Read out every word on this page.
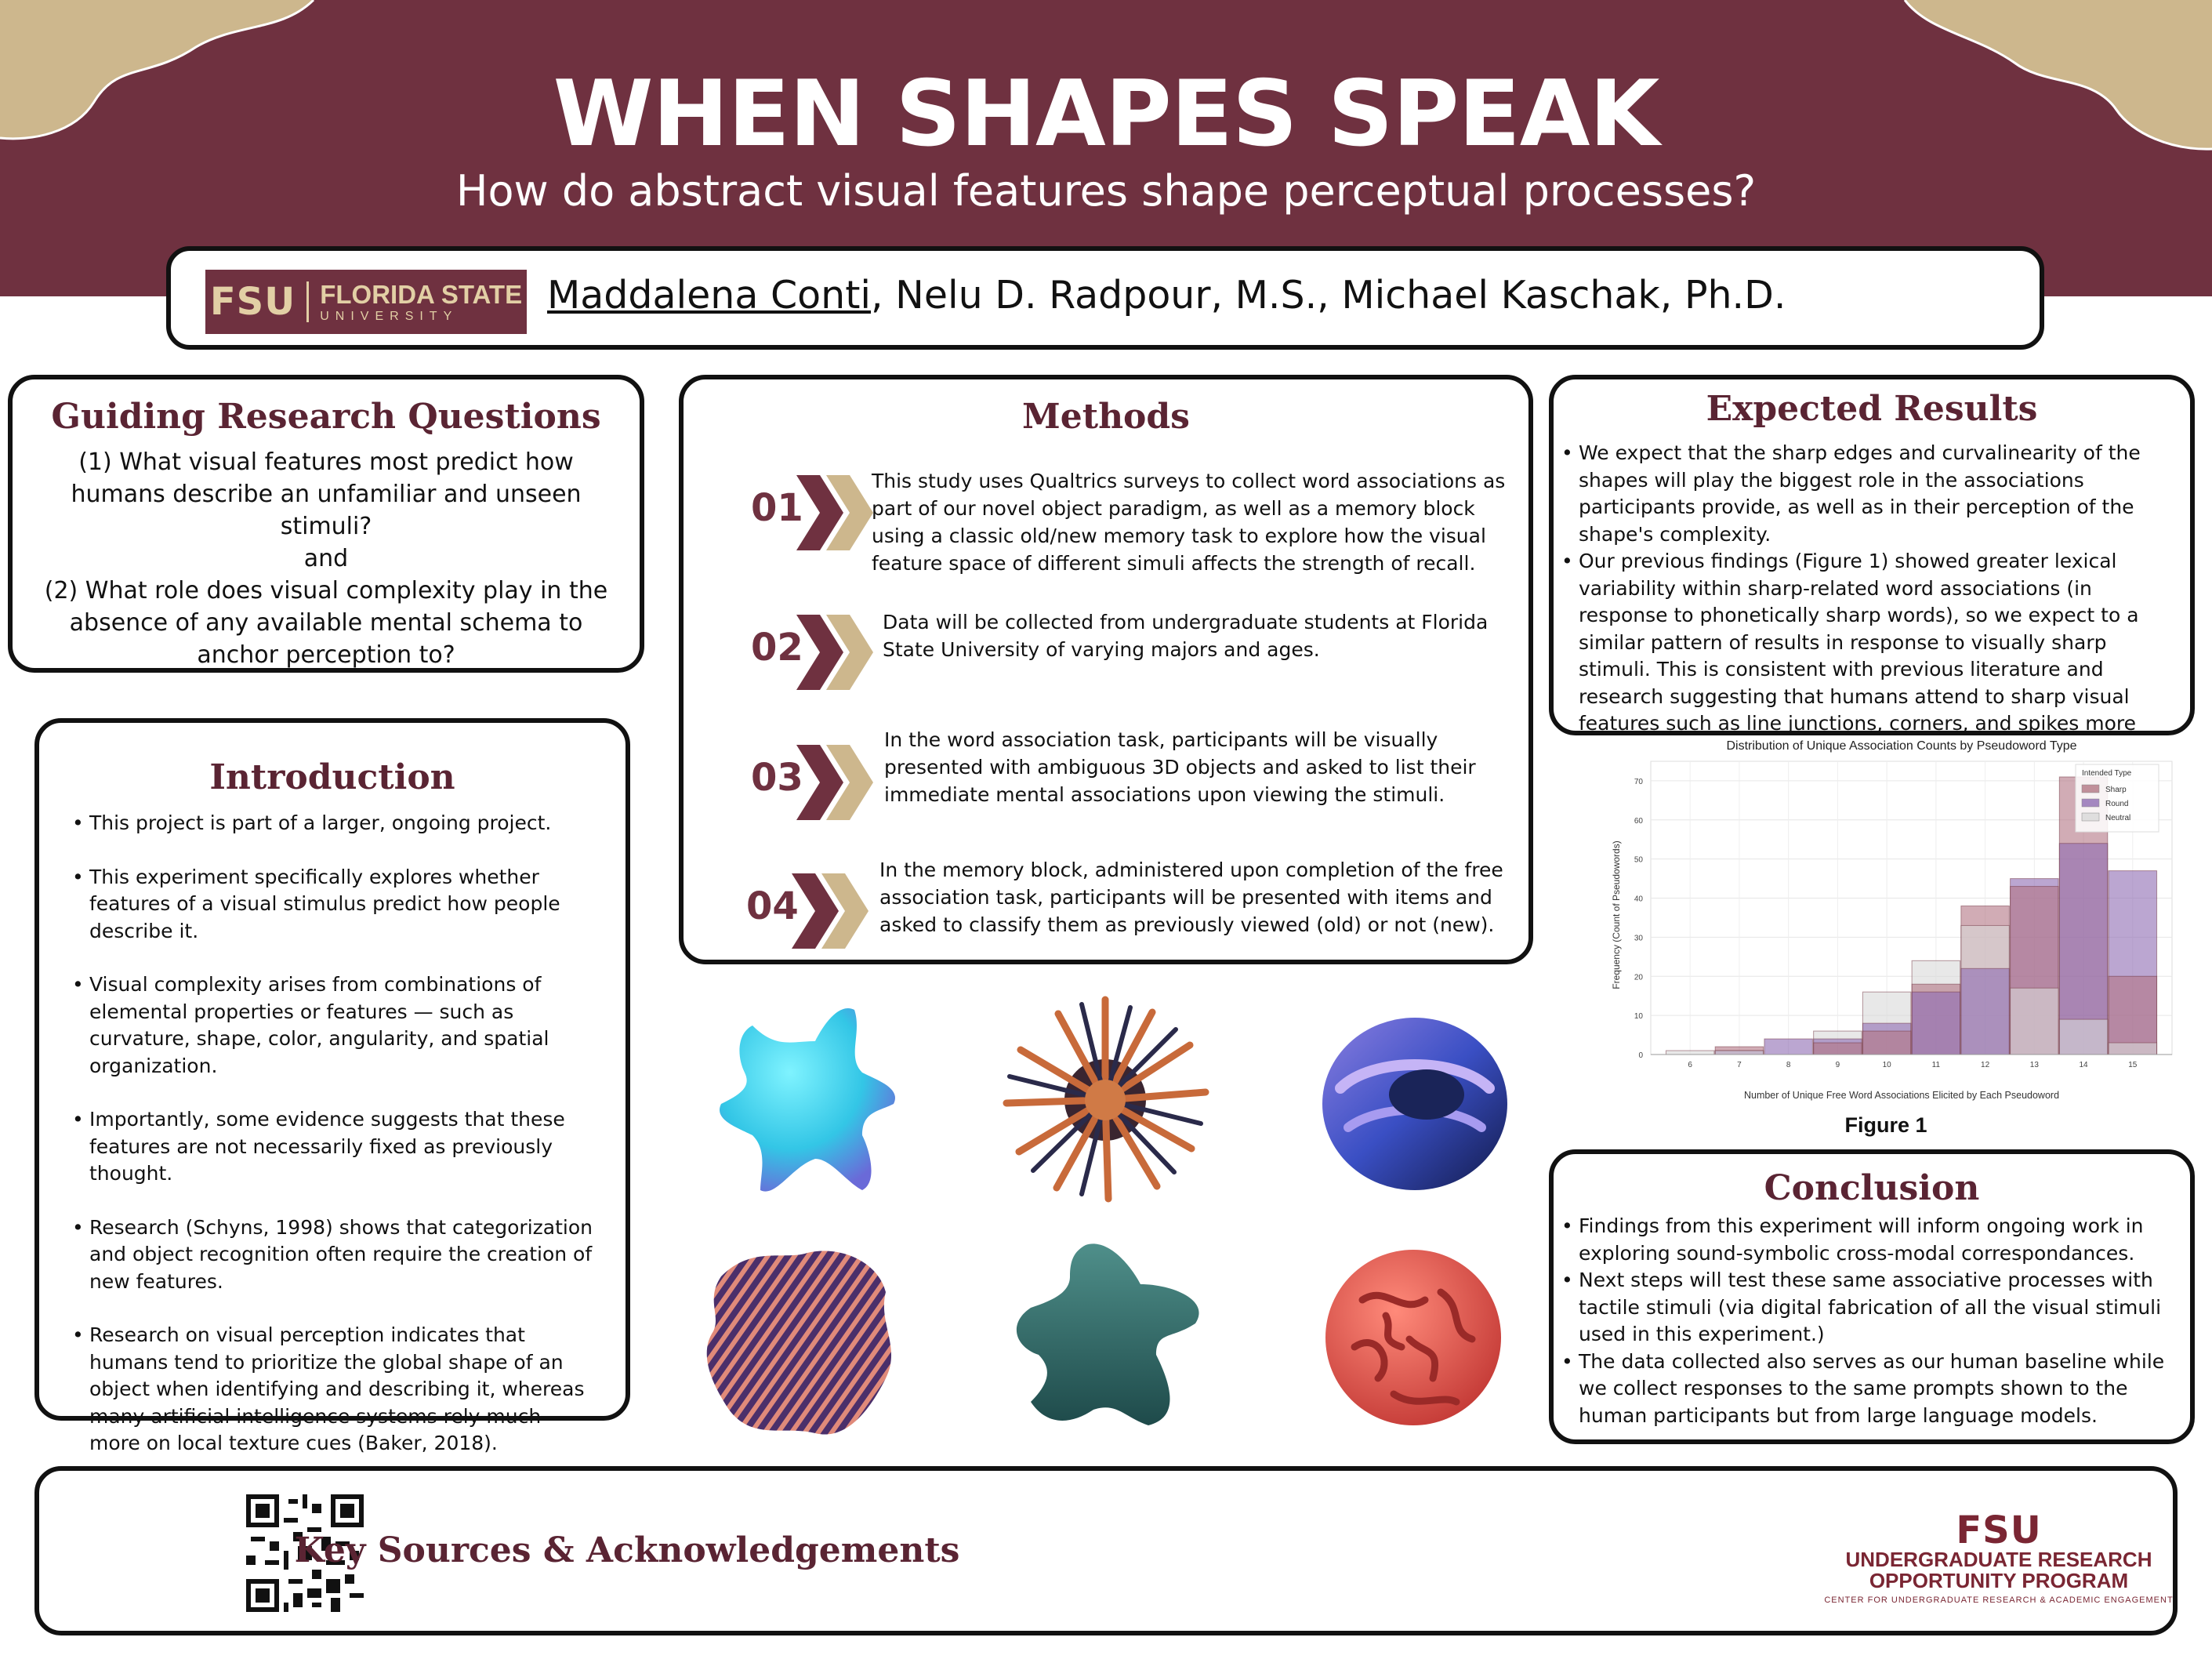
WHEN SHAPES SPEAK
How do abstract visual features shape perceptual processes?
FSU FLORIDA STATE
UNIVERSITY	Maddalena Conti, Nelu D. Radpour, M.S., Michael Kaschak, Ph.D.
Guiding Research Questions
(1) What visual features most predict how humans describe an unfamiliar and unseen stimuli?
and
(2) What role does visual complexity play in the absence of any available mental schema to anchor perception to?
Introduction
• This project is part of a larger, ongoing project.
• This experiment specifically explores whether features of a visual stimulus predict how people describe it.
• Visual complexity arises from combinations of elemental properties or features — such as curvature, shape, color, angularity, and spatial organization.
• Importantly, some evidence suggests that these features are not necessarily fixed as previously thought.
• Research (Schyns, 1998) shows that categorization and object recognition often require the creation of new features.
• Research on visual perception indicates that humans tend to prioritize the global shape of an object when identifying and describing it, whereas many artificial intelligence systems rely much more on local texture cues (Baker, 2018).
Methods
01
This study uses Qualtrics surveys to collect word associations as part of our novel object paradigm, as well as a memory block using a classic old/new memory task to explore how the visual feature space of different simuli affects the strength of recall.
02
Data will be collected from undergraduate students at Florida State University of varying majors and ages.
03
In the word association task, participants will be visually presented with ambiguous 3D objects and asked to list their immediate mental associations upon viewing the stimuli.
04
In the memory block, administered upon completion of the free association task, participants will be presented with items and asked to classify them as previously viewed (old) or not (new).
Expected Results
• We expect that the sharp edges and curvalinearity of the shapes will play the biggest role in the associations participants provide, as well as in their perception of the shape's complexity.
• Our previous findings (Figure 1) showed greater lexical variability within sharp-related word associations (in response to phonetically sharp words), so we expect to a similar pattern of results in response to visually sharp stimuli. This is consistent with previous literature and research suggesting that humans attend to sharp visual features such as line junctions, corners, and spikes more
Distribution of Unique Association Counts by Pseudoword Type
Frequency (Count of Pseudowords)
Number of Unique Free Word Associations Elicited by Each Pseudoword
0
10
20
30
40
50
60
70
6	7	8	9	10	11	12	13	14	15
Intended Type
Sharp
Round
Neutral
Figure 1
Conclusion
• Findings from this experiment will inform ongoing work in exploring sound-symbolic cross-modal correspondances.
• Next steps will test these same associative processes with tactile stimuli (via digital fabrication of all the visual stimuli used in this experiment.)
• The data collected also serves as our human baseline while we collect responses to the same prompts shown to the human participants but from large language models.
Key Sources & Acknowledgements	FSU
UNDERGRADUATE RESEARCH
OPPORTUNITY PROGRAM
CENTER FOR UNDERGRADUATE RESEARCH & ACADEMIC ENGAGEMENT
